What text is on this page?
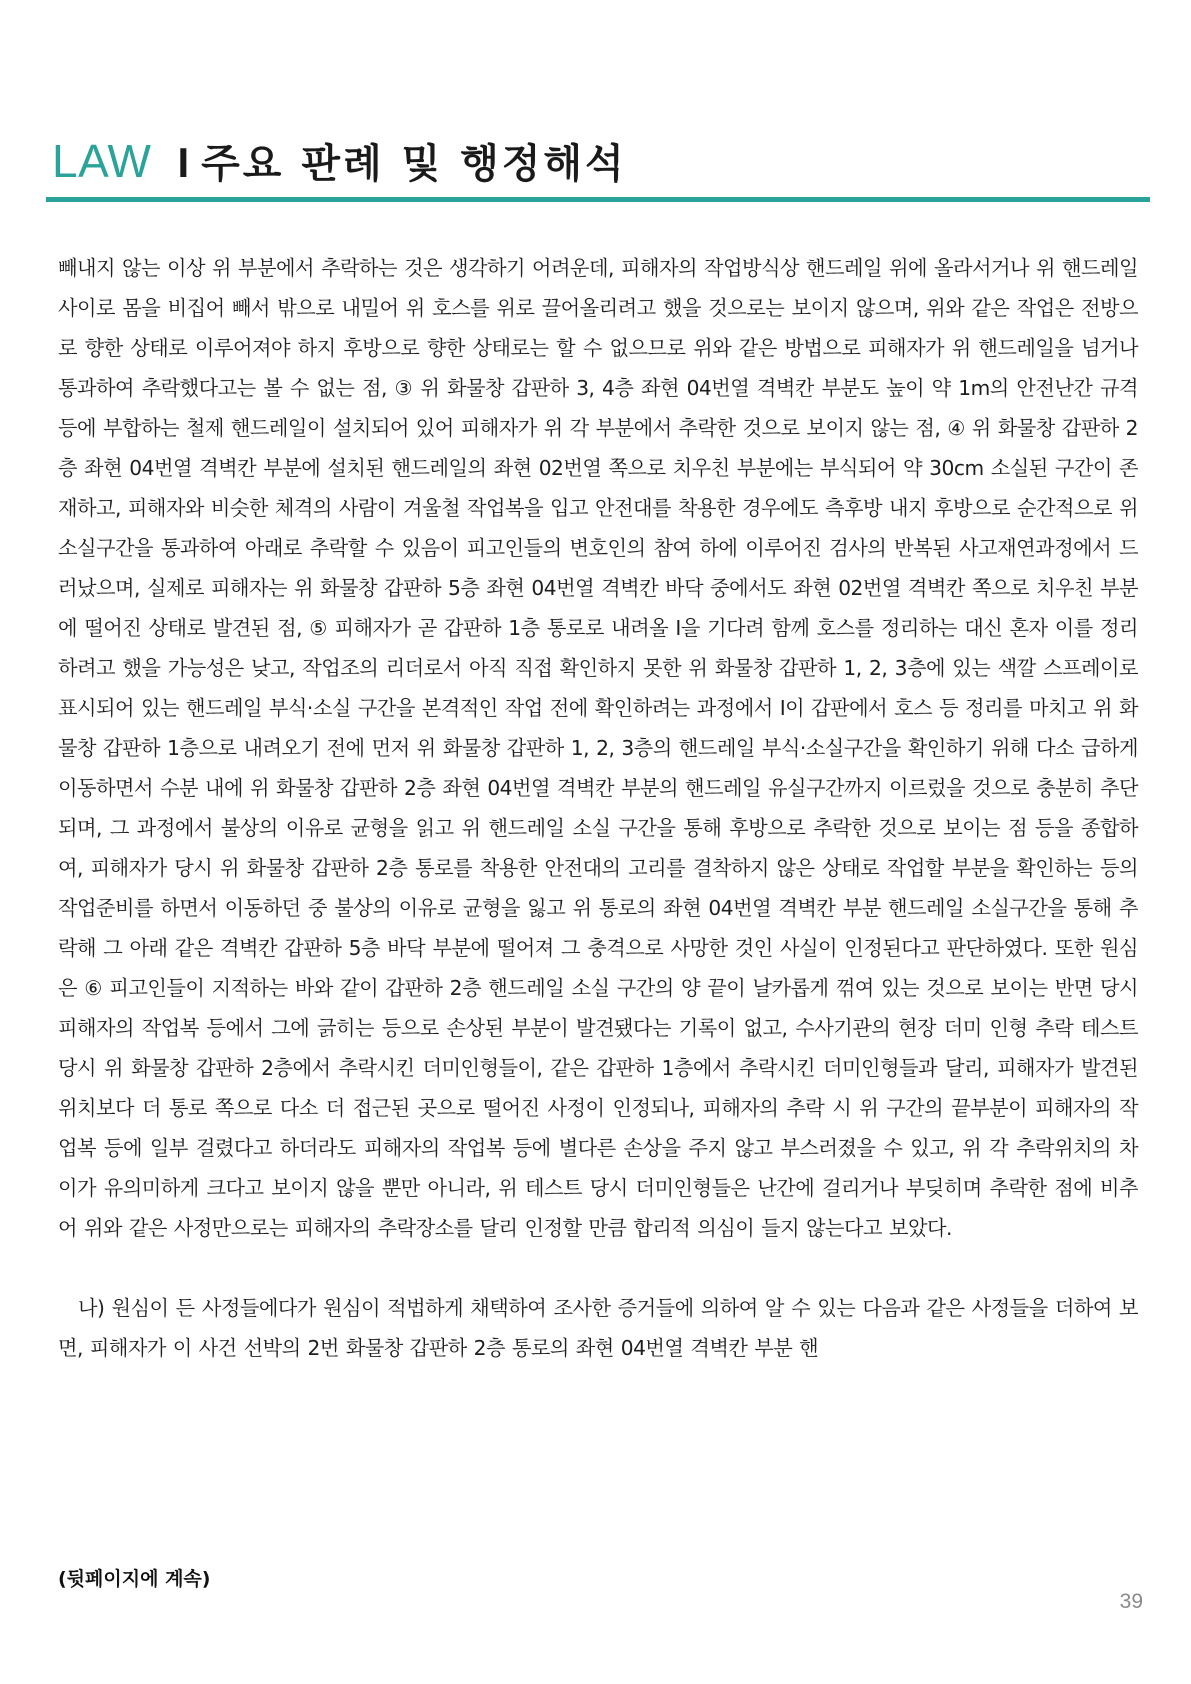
LAW I 주요 판례 및 행정해석

빼내지 않는 이상 위 부분에서 추락하는 것은 생각하기 어려운데, 피해자의 작업방식상 핸드레일 위에 올라서거나 위 핸드레일 사이로 몸을 비집어 빼서 밖으로 내밀어 위 호스를 위로 끌어올리려고 했을 것으로는 보이지 않으며, 위와 같은 작업은 전방으로 향한 상태로 이루어져야 하지 후방으로 향한 상태로는 할 수 없으므로 위와 같은 방법으로 피해자가 위 핸드레일을 넘거나 통과하여 추락했다고는 볼 수 없는 점, ③ 위 화물창 갑판하 3, 4층 좌현 04번열 격벽칸 부분도 높이 약 1m의 안전난간 규격 등에 부합하는 철제 핸드레일이 설치되어 있어 피해자가 위 각 부분에서 추락한 것으로 보이지 않는 점, ④ 위 화물창 갑판하 2층 좌현 04번열 격벽칸 부분에 설치된 핸드레일의 좌현 02번열 쪽으로 치우친 부분에는 부식되어 약 30cm 소실된 구간이 존재하고, 피해자와 비슷한 체격의 사람이 겨울철 작업복을 입고 안전대를 착용한 경우에도 측후방 내지 후방으로 순간적으로 위 소실구간을 통과하여 아래로 추락할 수 있음이 피고인들의 변호인의 참여 하에 이루어진 검사의 반복된 사고재연과정에서 드러났으며, 실제로 피해자는 위 화물창 갑판하 5층 좌현 04번열 격벽칸 바닥 중에서도 좌현 02번열 격벽칸 쪽으로 치우친 부분에 떨어진 상태로 발견된 점, ⑤ 피해자가 곧 갑판하 1층 통로로 내려올 I을 기다려 함께 호스를 정리하는 대신 혼자 이를 정리하려고 했을 가능성은 낮고, 작업조의 리더로서 아직 직접 확인하지 못한 위 화물창 갑판하 1, 2, 3층에 있는 색깔 스프레이로 표시되어 있는 핸드레일 부식·소실 구간을 본격적인 작업 전에 확인하려는 과정에서 I이 갑판에서 호스 등 정리를 마치고 위 화물창 갑판하 1층으로 내려오기 전에 먼저 위 화물창 갑판하 1, 2, 3층의 핸드레일 부식·소실구간을 확인하기 위해 다소 급하게 이동하면서 수분 내에 위 화물창 갑판하 2층 좌현 04번열 격벽칸 부분의 핸드레일 유실구간까지 이르렀을 것으로 충분히 추단되며, 그 과정에서 불상의 이유로 균형을 읽고 위 핸드레일 소실 구간을 통해 후방으로 추락한 것으로 보이는 점 등을 종합하여, 피해자가 당시 위 화물창 갑판하 2층 통로를 착용한 안전대의 고리를 결착하지 않은 상태로 작업할 부분을 확인하는 등의 작업준비를 하면서 이동하던 중 불상의 이유로 균형을 잃고 위 통로의 좌현 04번열 격벽칸 부분 핸드레일 소실구간을 통해 추락해 그 아래 같은 격벽칸 갑판하 5층 바닥 부분에 떨어져 그 충격으로 사망한 것인 사실이 인정된다고 판단하였다. 또한 원심은 ⑥ 피고인들이 지적하는 바와 같이 갑판하 2층 핸드레일 소실 구간의 양 끝이 날카롭게 꺾여 있는 것으로 보이는 반면 당시 피해자의 작업복 등에서 그에 긁히는 등으로 손상된 부분이 발견됐다는 기록이 없고, 수사기관의 현장 더미 인형 추락 테스트 당시 위 화물창 갑판하 2층에서 추락시킨 더미인형들이, 같은 갑판하 1층에서 추락시킨 더미인형들과 달리, 피해자가 발견된 위치보다 더 통로 쪽으로 다소 더 접근된 곳으로 떨어진 사정이 인정되나, 피해자의 추락 시 위 구간의 끝부분이 피해자의 작업복 등에 일부 걸렸다고 하더라도 피해자의 작업복 등에 별다른 손상을 주지 않고 부스러졌을 수 있고, 위 각 추락위치의 차이가 유의미하게 크다고 보이지 않을 뿐만 아니라, 위 테스트 당시 더미인형들은 난간에 걸리거나 부딪히며 추락한 점에 비추어 위와 같은 사정만으로는 피해자의 추락장소를 달리 인정할 만큼 합리적 의심이 들지 않는다고 보았다.

나) 원심이 든 사정들에다가 원심이 적법하게 채택하여 조사한 증거들에 의하여 알 수 있는 다음과 같은 사정들을 더하여 보면, 피해자가 이 사건 선박의 2번 화물창 갑판하 2층 통로의 좌현 04번열 격벽칸 부분 핸

(뒷페이지에 계속)
39
